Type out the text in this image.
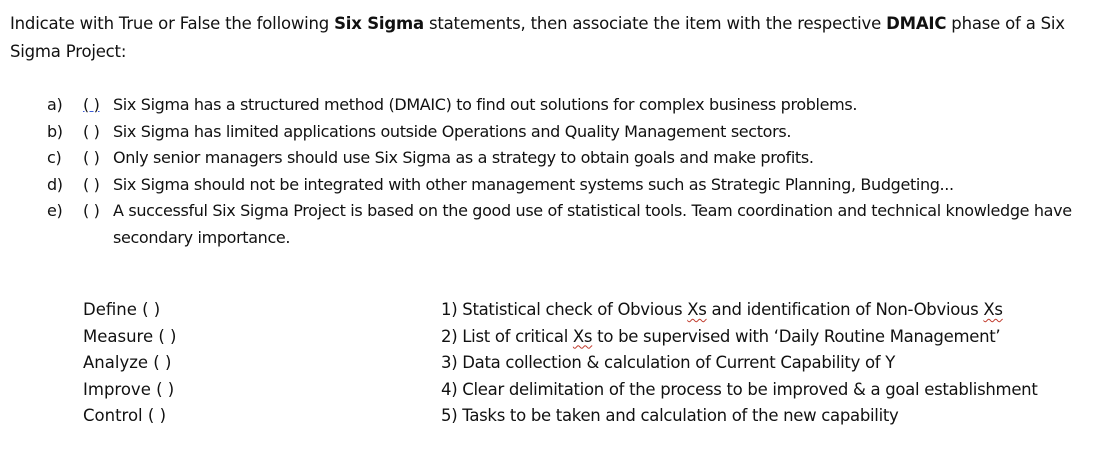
Indicate with True or False the following Six Sigma statements, then associate the item with the respective DMAIC phase of a Six Sigma Project:
a)	( ) Six Sigma has a structured method (DMAIC) to find out solutions for complex business problems.
b)	( ) Six Sigma has limited applications outside Operations and Quality Management sectors.
c)	( ) Only senior managers should use Six Sigma as a strategy to obtain goals and make profits.
d)	( ) Six Sigma should not be integrated with other management systems such as Strategic Planning, Budgeting...
e)	( ) A successful Six Sigma Project is based on the good use of statistical tools. Team coordination and technical knowledge have secondary importance.
Define ( )
Measure ( )
Analyze ( )
Improve ( )
Control ( )
1) Statistical check of Obvious Xs and identification of Non-Obvious Xs
2) List of critical Xs to be supervised with ‘Daily Routine Management’
3) Data collection & calculation of Current Capability of Y
4) Clear delimitation of the process to be improved & a goal establishment
5) Tasks to be taken and calculation of the new capability
